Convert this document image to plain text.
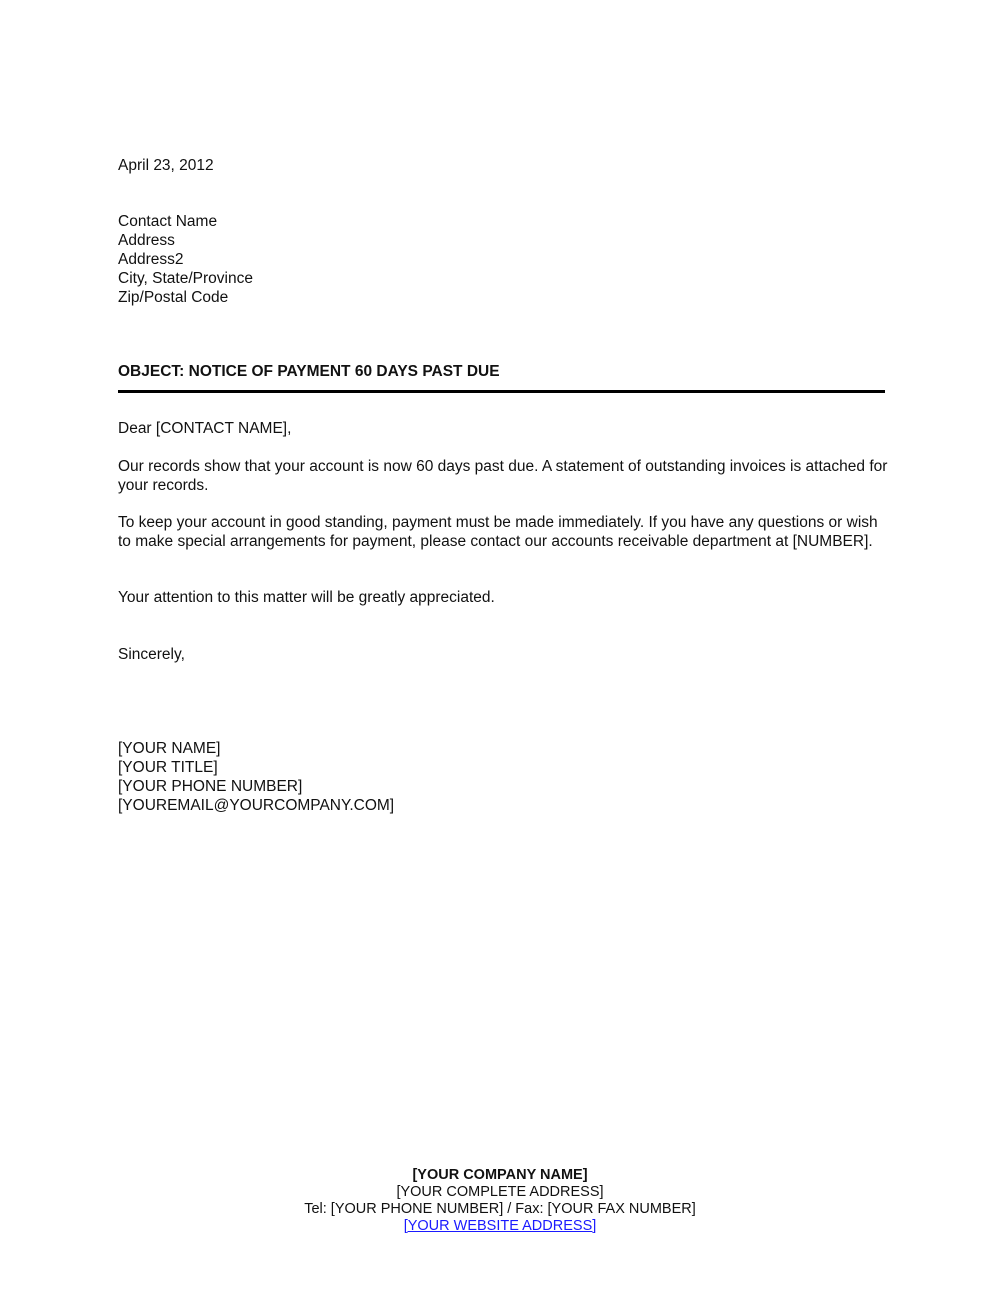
April 23, 2012
Contact Name
Address
Address2
City, State/Province
Zip/Postal Code
OBJECT: NOTICE OF PAYMENT 60 DAYS PAST DUE
Dear [CONTACT NAME],
Our records show that your account is now 60 days past due. A statement of outstanding invoices is attached for your records.
To keep your account in good standing, payment must be made immediately. If you have any questions or wish to make special arrangements for payment, please contact our accounts receivable department at [NUMBER].
Your attention to this matter will be greatly appreciated.
Sincerely,
[YOUR NAME]
[YOUR TITLE]
[YOUR PHONE NUMBER]
[YOUREMAIL@YOURCOMPANY.COM]
[YOUR COMPANY NAME]
[YOUR COMPLETE ADDRESS]
Tel: [YOUR PHONE NUMBER] / Fax: [YOUR FAX NUMBER]
[YOUR WEBSITE ADDRESS]
